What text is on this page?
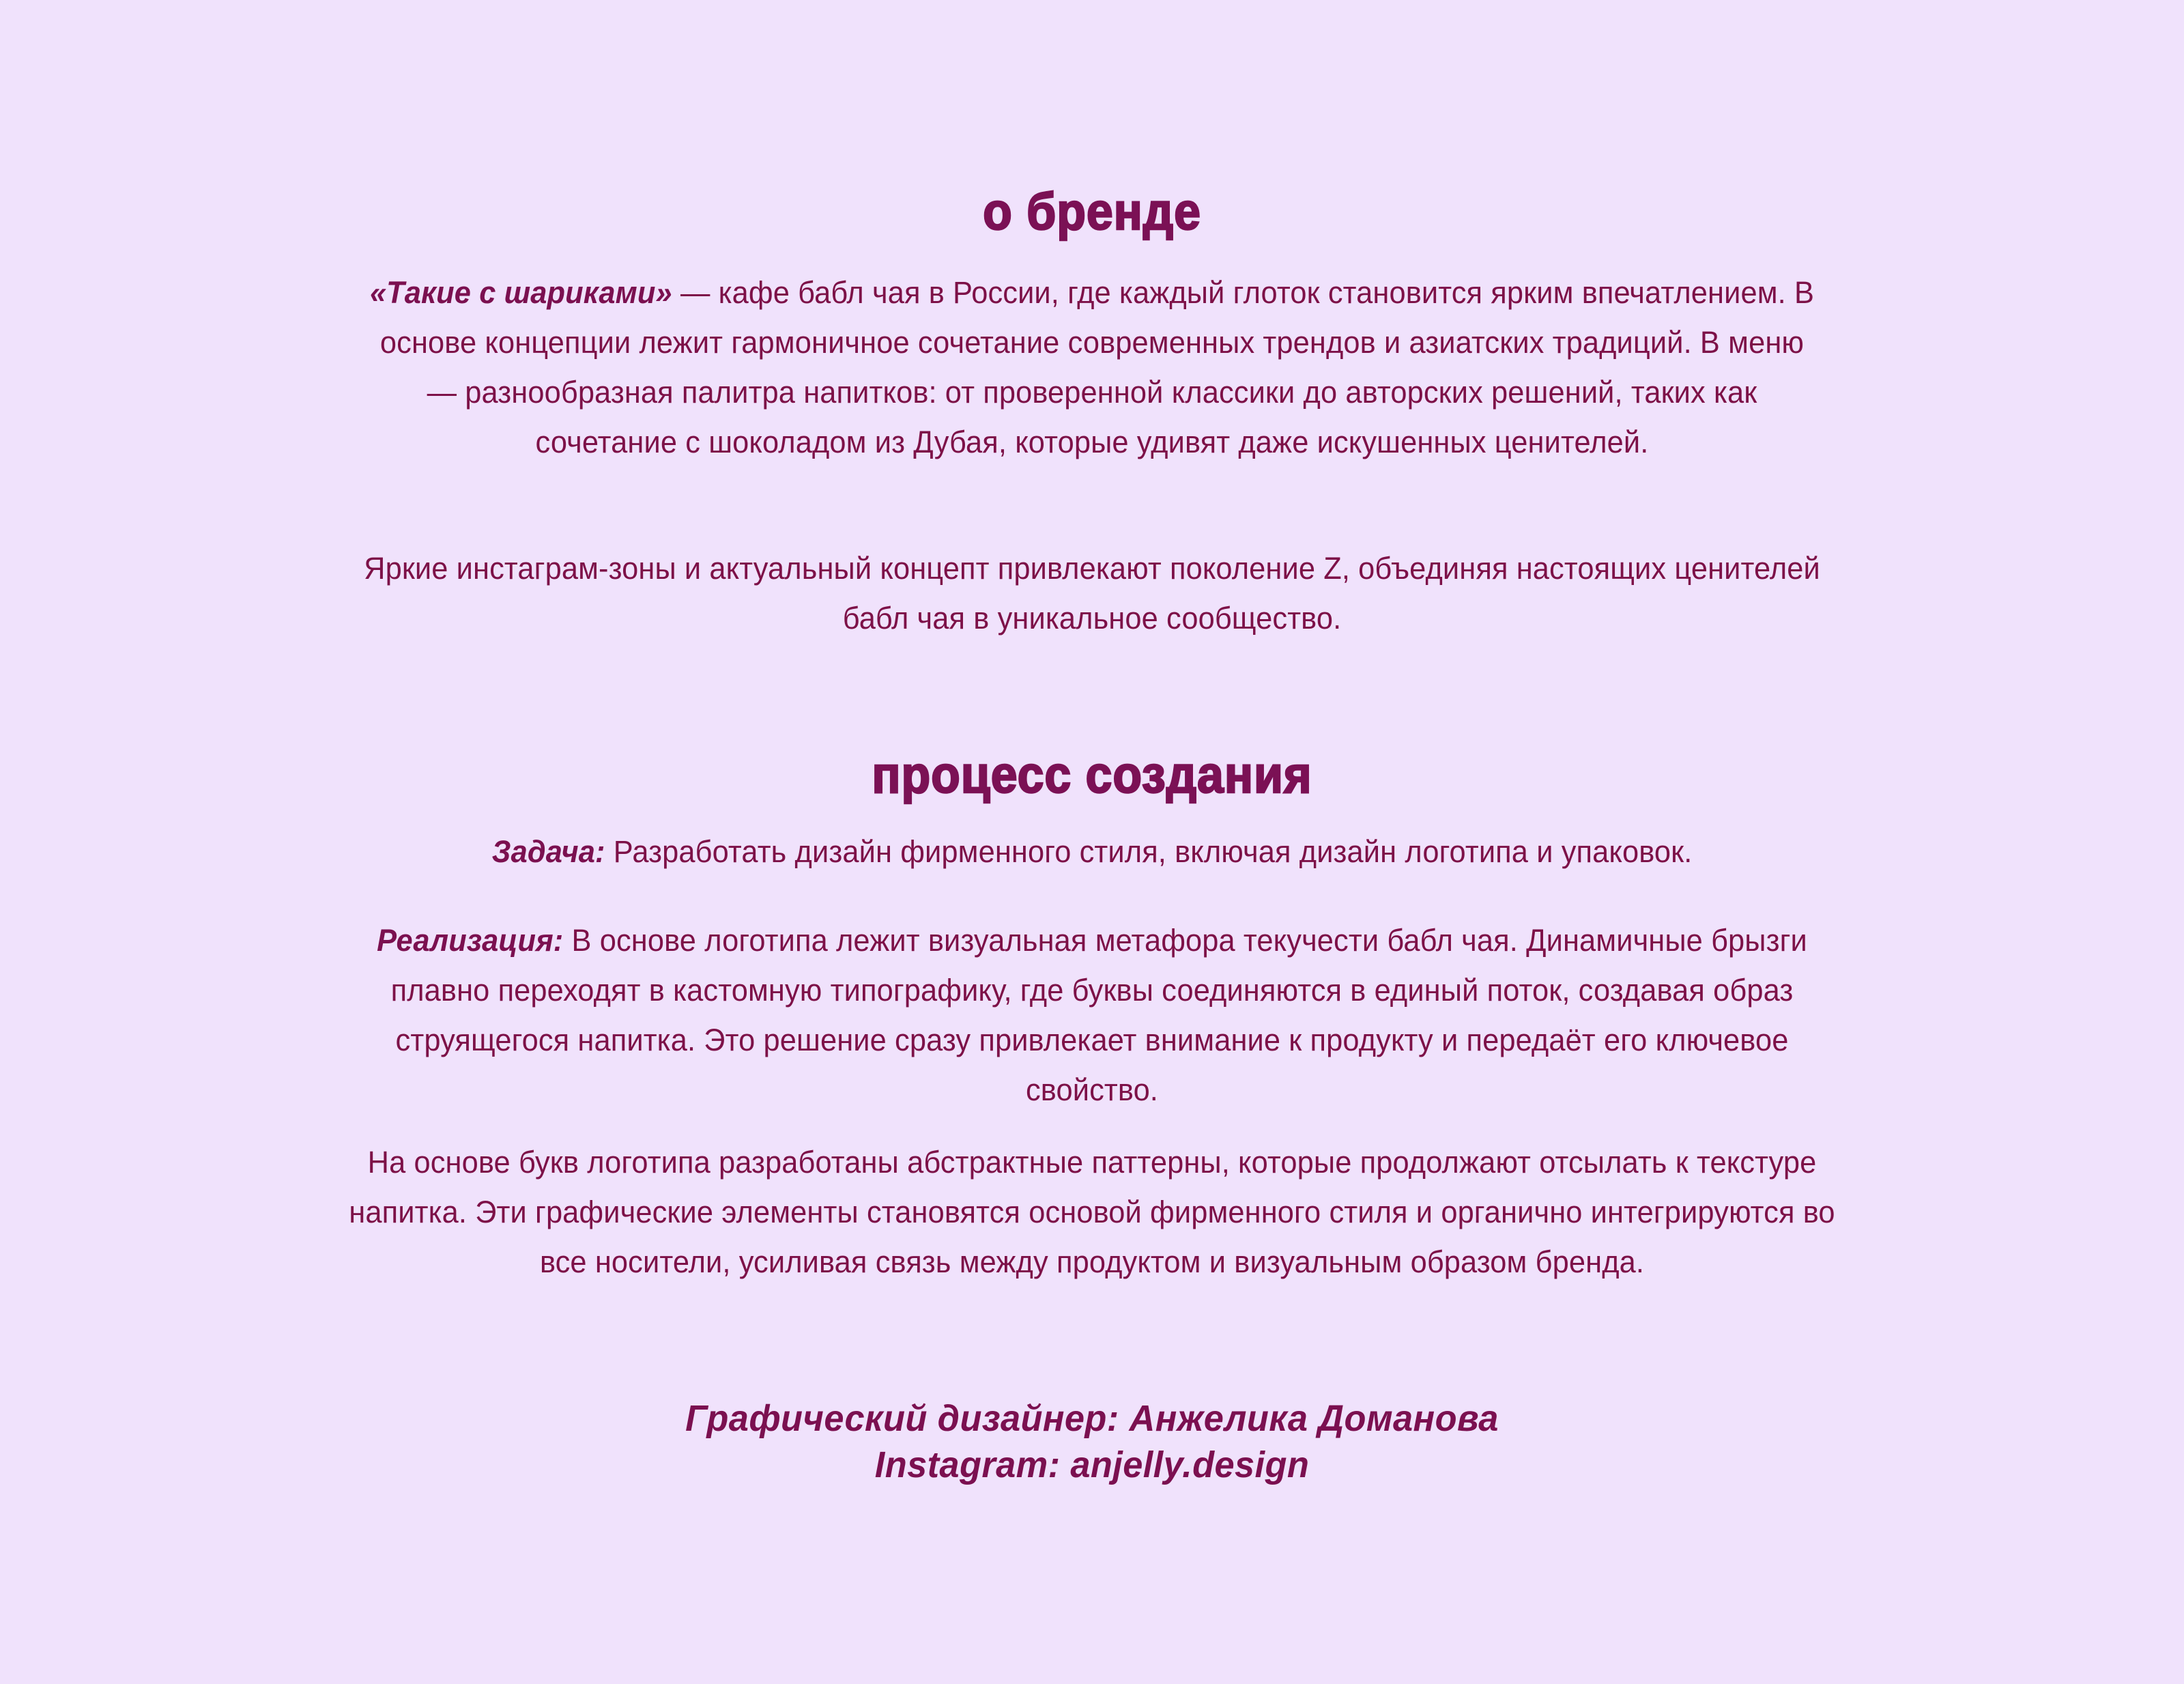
о бренде

«Такие с шариками» — кафе бабл чая в России, где каждый глоток становится ярким впечатлением. В основе концепции лежит гармоничное сочетание современных трендов и азиатских традиций. В меню — разнообразная палитра напитков: от проверенной классики до авторских решений, таких как сочетание с шоколадом из Дубая, которые удивят даже искушенных ценителей.

Яркие инстаграм-зоны и актуальный концепт привлекают поколение Z, объединяя настоящих ценителей бабл чая в уникальное сообщество.

процесс создания

Задача: Разработать дизайн фирменного стиля, включая дизайн логотипа и упаковок.

Реализация: В основе логотипа лежит визуальная метафора текучести бабл чая. Динамичные брызги плавно переходят в кастомную типографику, где буквы соединяются в единый поток, создавая образ струящегося напитка. Это решение сразу привлекает внимание к продукту и передаёт его ключевое свойство.

На основе букв логотипа разработаны абстрактные паттерны, которые продолжают отсылать к текстуре напитка. Эти графические элементы становятся основой фирменного стиля и органично интегрируются во все носители, усиливая связь между продуктом и визуальным образом бренда.

Графический дизайнер: Анжелика Доманова
Instagram: anjelly.design
